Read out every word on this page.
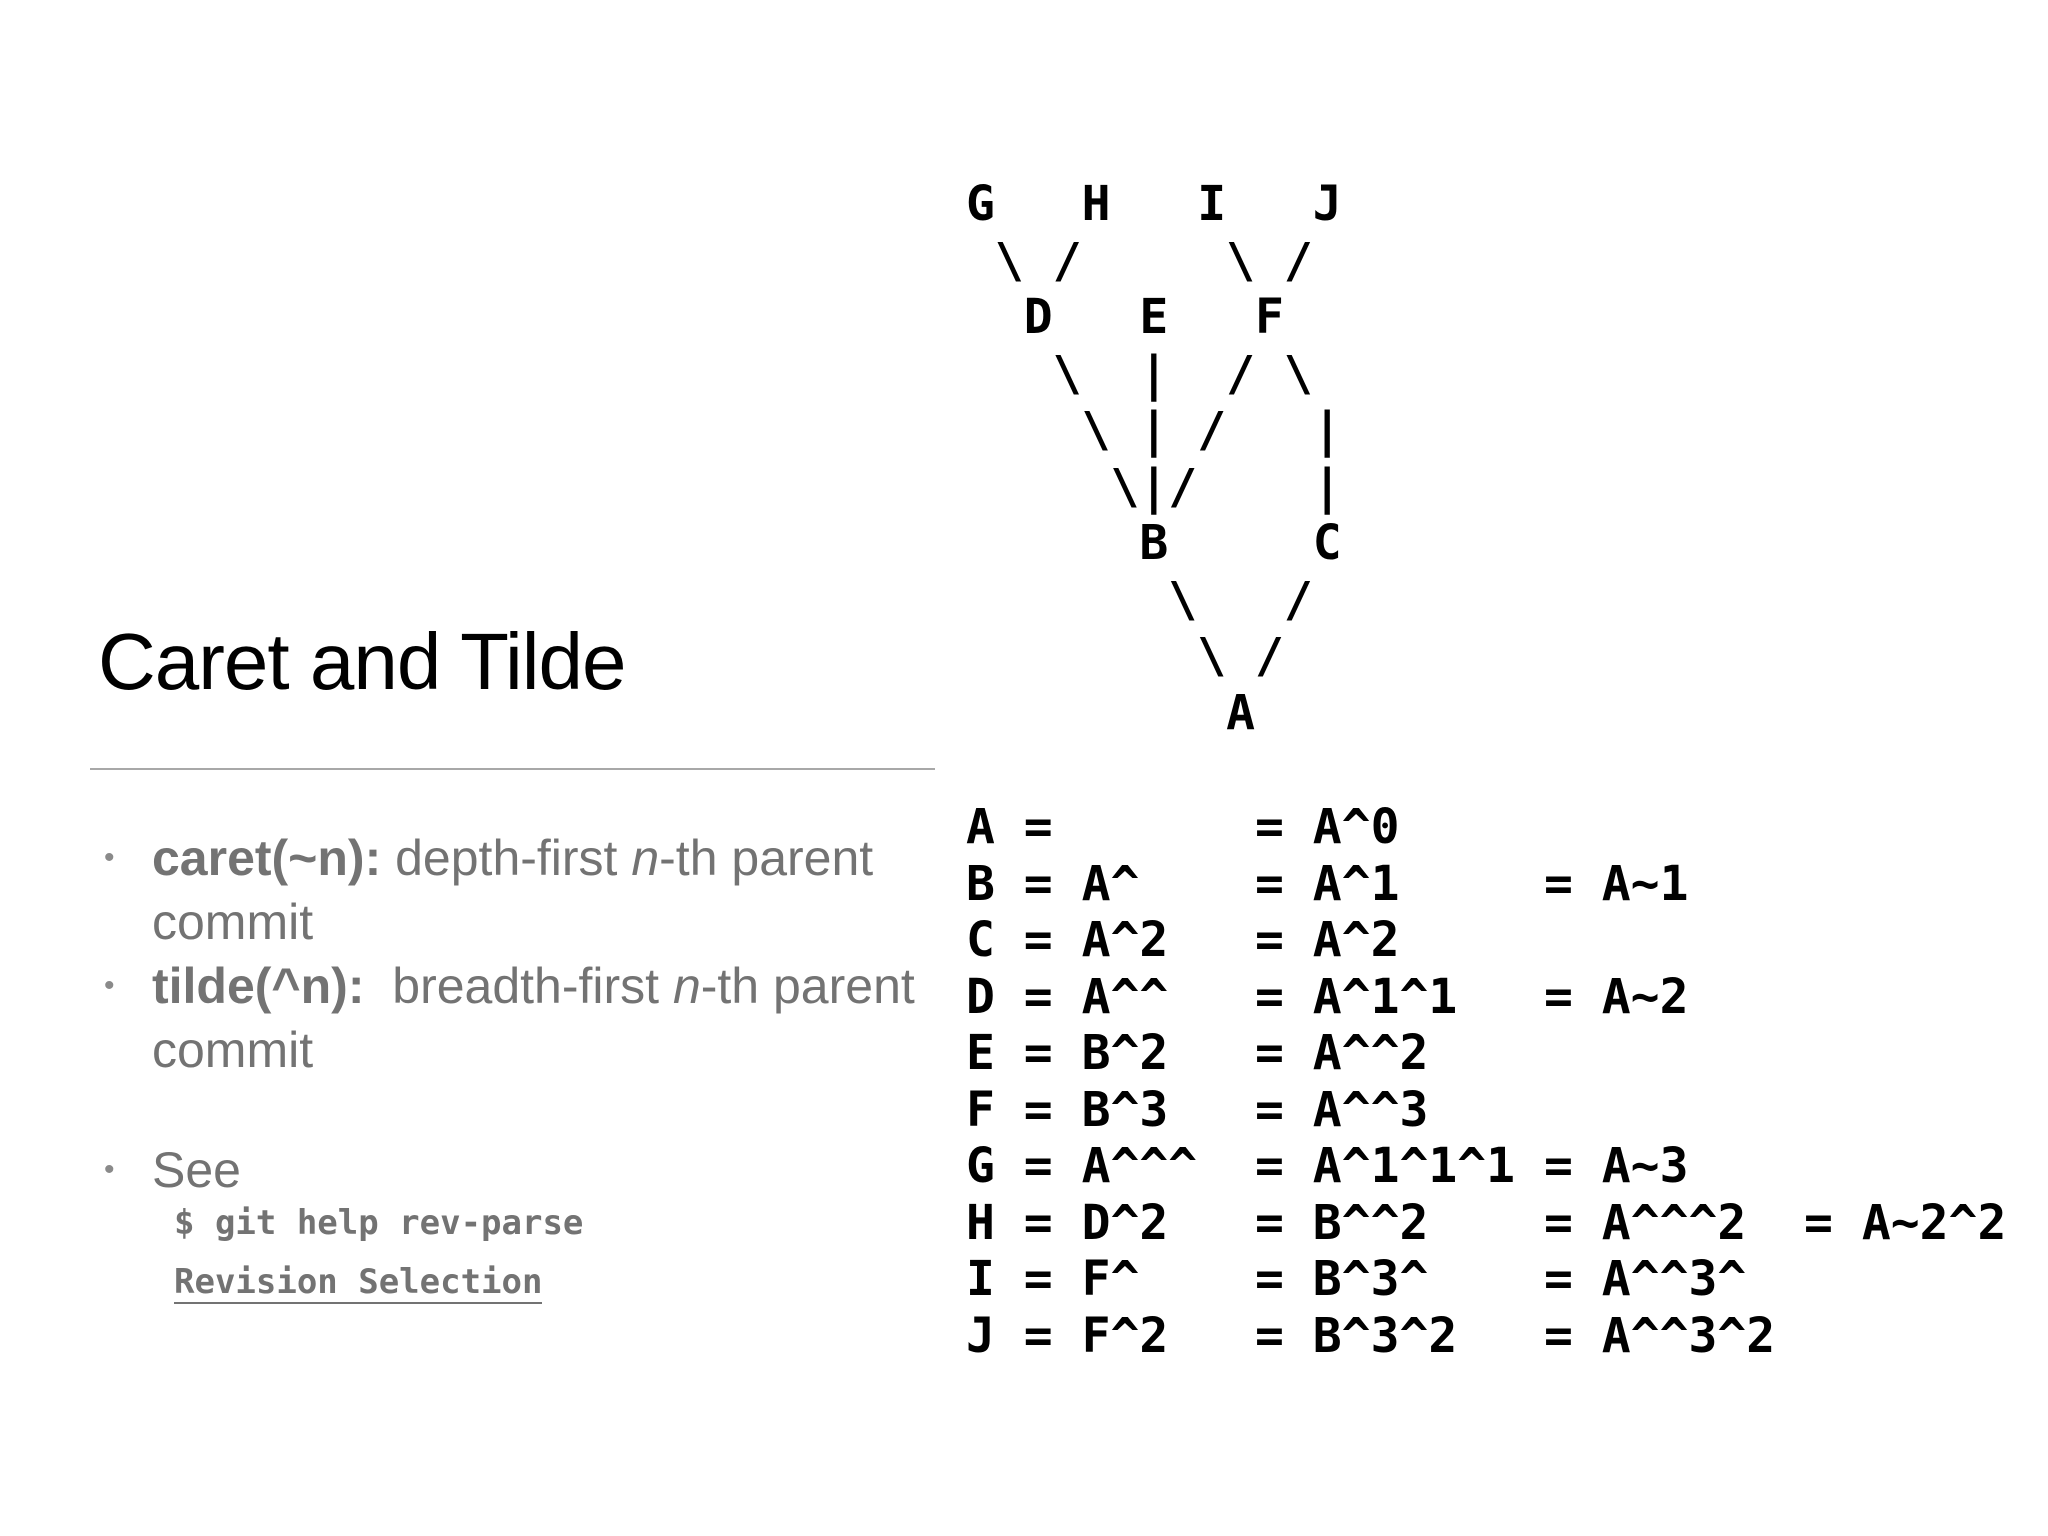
Caret and Tilde
• caret(~n): depth-first n-th parent commit
• tilde(^n):  breadth-first n-th parent commit
• See
$ git help rev-parse
Revision Selection
G   H   I   J
\ /     \ /
D   E   F
\  |  / \
\ | /   |
\|/    |
B     C
\   /
\ /
A
A =       = A^0
B = A^    = A^1     = A~1
C = A^2   = A^2
D = A^^   = A^1^1   = A~2
E = B^2   = A^^2
F = B^3   = A^^3
G = A^^^  = A^1^1^1 = A~3
H = D^2   = B^^2    = A^^^2  = A~2^2
I = F^    = B^3^    = A^^3^
J = F^2   = B^3^2   = A^^3^2
